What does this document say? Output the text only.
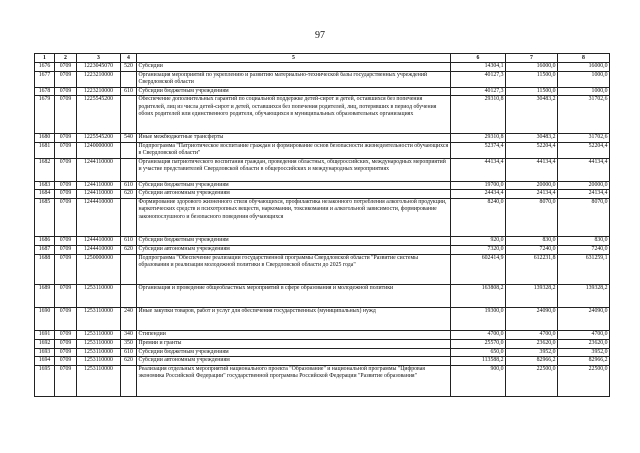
97
1	2	3	4	5	6	7	8
1676	0709	1223045070	520	Субсидии	14304,1	16000,0	16000,0
1677	0709	1223210000		Организация мероприятий по укреплению и развитию материально-технической базы государственных учреждений Свердловской области	40127,3	11500,0	1000,0
1678	0709	1223210000	610	Субсидии бюджетным учреждениям	40127,3	11500,0	1000,0
1679	0709	1225545200		Обеспечение дополнительных гарантий по социальной поддержке детей-сирот и детей, оставшихся без попечения родителей, лиц из числа детей-сирот и детей, оставшихся без попечения родителей, лиц, потерявших в период обучения обоих родителей или единственного родителя, обучающихся в муниципальных образовательных организациях	29310,8	30483,2	31702,6
1680	0709	1225545200	540	Иные межбюджетные трансферты	29310,8	30483,2	31702,6
1681	0709	1240000000		Подпрограмма "Патриотическое воспитание граждан и формирование основ безопасности жизнедеятельности обучающихся в Свердловской области"	52374,4	52204,4	52204,4
1682	0709	1244110000		Организация патриотического воспитания граждан, проведения областных, общероссийских, международных мероприятий и участие представителей Свердловской области в общероссийских и международных мероприятиях	44134,4	44134,4	44134,4
1683	0709	1244110000	610	Субсидии бюджетным учреждениям	19700,0	20000,0	20000,0
1684	0709	1244110000	620	Субсидии автономным учреждениям	24434,4	24134,4	24134,4
1685	0709	1244410000		Формирование здорового жизненного стиля обучающихся, профилактика незаконного потребления алкогольной продукции, наркотических средств и психотропных веществ, наркомании, токсикомании и алкогольной зависимости, формирование законопослушного и безопасного поведения обучающихся	8240,0	8070,0	8070,0
1686	0709	1244410000	610	Субсидии бюджетным учреждениям	920,0	830,0	830,0
1687	0709	1244410000	620	Субсидии автономным учреждениям	7320,0	7240,0	7240,0
1688	0709	1250000000		Подпрограмма "Обеспечение реализации государственной программы Свердловской области "Развитие системы образования и реализация молодежной политики в Свердловской области до 2025 года"	602414,9	612231,8	631259,1
1689	0709	1253110000		Организация и проведение общеобластных мероприятий в сфере образования и молодежной политики	163808,2	139328,2	139328,2
1690	0709	1253110000	240	Иные закупки товаров, работ и услуг для обеспечения государственных (муниципальных) нужд	19300,0	24090,0	24090,0
1691	0709	1253110000	340	Стипендии	4700,0	4700,0	4700,0
1692	0709	1253110000	350	Премии и гранты	25570,0	23620,0	23620,0
1693	0709	1253110000	610	Субсидии бюджетным учреждениям	650,0	3952,0	3952,0
1694	0709	1253110000	620	Субсидии автономным учреждениям	113588,2	82966,2	82966,2
1695	0709	1253110000		Реализация отдельных мероприятий национального проекта "Образование" и национальной программы "Цифровая экономика Российской Федерации" государственной программы Российской Федерации "Развитие образования"	900,0	22500,0	22500,0
